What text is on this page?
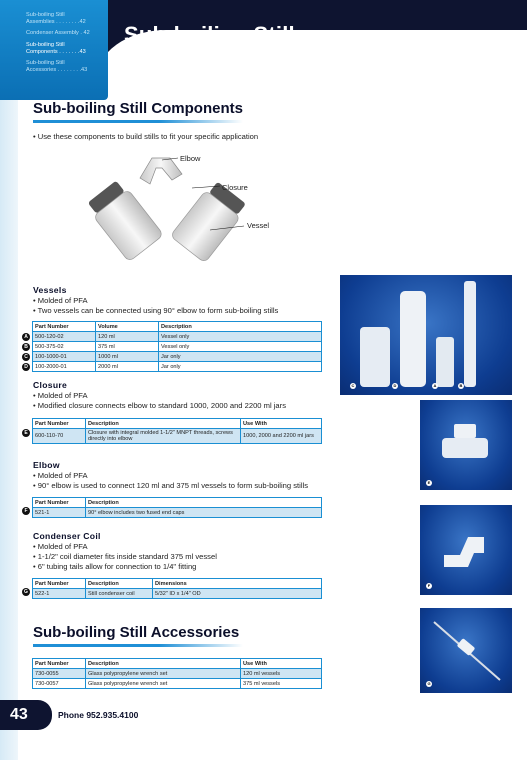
Sub-boiling Still
Assemblies . . . . . . . .42
Condenser Assembly . 42
Sub-boiling Still
Components . . . . . . .43
Sub-boiling Still
Accessories . . . . . . . .43
Sub-boiling Stills
Sub-boiling Still Components
• Use these components to build stills to fit your specific application
Elbow
Closure
Vessel
Vessels
• Molded of PFA
• Two vessels can be connected using 90° elbow to form sub-boiling stills
Part Number	Volume	Description
500-120-02	120 ml	Vessel only
500-375-02	375 ml	Vessel only
100-1000-01	1000 ml	Jar only
100-2000-01	2000 ml	Jar only
A
B
C
D
Closure
• Molded of PFA
• Modified closure connects elbow to standard 1000, 2000 and 2200 ml jars
Part Number	Description	Use With
600-110-70	Closure with integral molded 1-1/2" MNPT threads, screws directly into elbow	1000, 2000 and 2200 ml jars
E
Elbow
• Molded of PFA
• 90° elbow is used to connect 120 ml and 375 ml vessels to form sub-boiling stills
Part Number	Description
521-1	90° elbow includes two fused end caps
F
Condenser Coil
• Molded of PFA
• 1-1/2" coil diameter fits inside standard 375 ml vessel
• 6" tubing tails allow for connection to 1/4" fitting
Part Number	Description	Dimensions
522-1	Still condenser coil	5/32" ID x 1/4" OD
G
Sub-boiling Still Accessories
Part Number	Description	Use With
730-0055	Glass polypropylene wrench set	120 ml vessels
730-0057	Glass polypropylene wrench set	375 ml vessels
C	D	A	B
E
F
G
43	Phone 952.935.4100
